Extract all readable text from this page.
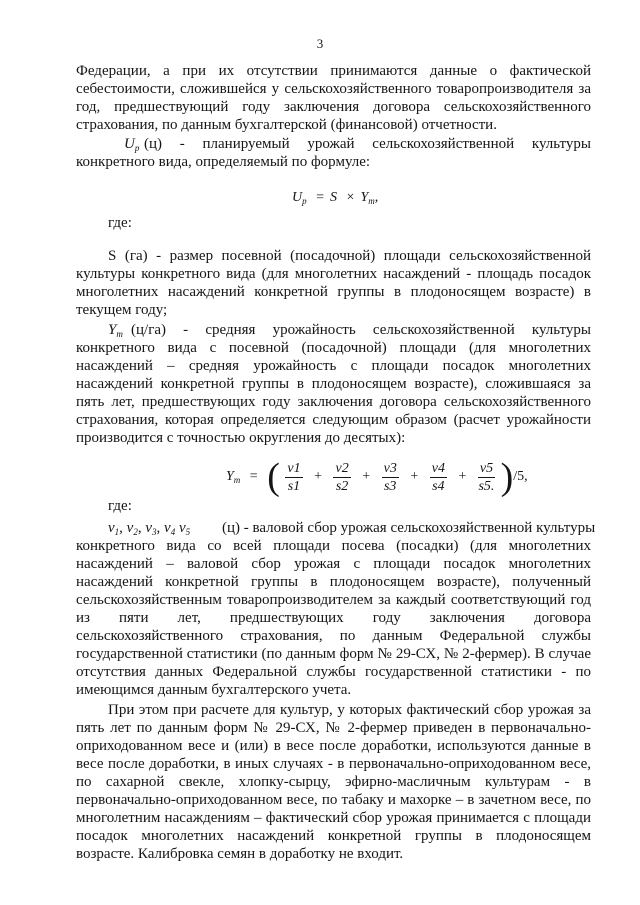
3
Федерации, а при их отсутствии принимаются данные о фактической
себестоимости, сложившейся у сельскохозяйственного товаропроизводителя за
год, предшествующий году заключения договора сельскохозяйственного
страхования, по данным бухгалтерской (финансовой) отчетности.
$U_р$ (ц) - планируемый урожай сельскохозяйственной культуры
конкретного вида, определяемый по формуле:
$U_р = S \times Y_m$,
где:
S (га) - размер посевной (посадочной) площади сельскохозяйственной
культуры конкретного вида (для многолетних насаждений - площадь посадок
многолетних насаждений конкретной группы в плодоносящем возрасте) в
текущем году;
$Y_m$ (ц/га) - средняя урожайность сельскохозяйственной культуры
конкретного вида с посевной (посадочной) площади (для многолетних
насаждений – средняя урожайность с площади посадок многолетних
насаждений конкретной группы в плодоносящем возрасте), сложившаяся за
пять лет, предшествующих году заключения договора сельскохозяйственного
страхования, которая определяется следующим образом (расчет урожайности
производится с точностью округления до десятых):
$Y_m$ = ( $\frac{v1}{s1} + \frac{v2}{s2} + \frac{v3}{s3} + \frac{v4}{s4} + \frac{v5}{s5.} )/5$,
где:
$v_1$, $v_2$, $v_3$, $v_4$ $v_5$	(ц) - валовой сбор урожая сельскохозяйственной культуры
конкретного вида со всей площади посева (посадки) (для многолетних
насаждений – валовой сбор урожая с площади посадок многолетних
насаждений конкретной группы в плодоносящем возрасте), полученный
сельскохозяйственным товаропроизводителем за каждый соответствующий год
из пяти лет, предшествующих году заключения договора
сельскохозяйственного страхования, по данным Федеральной службы
государственной статистики (по данным форм № 29-СХ, № 2-фермер). В случае
отсутствия данных Федеральной службы государственной статистики - по
имеющимся данным бухгалтерского учета.
При этом при расчете для культур, у которых фактический сбор урожая за
пять лет по данным форм № 29-СХ, № 2-фермер приведен в первоначально-
оприходованном весе и (или) в весе после доработки, используются данные в
весе после доработки, в иных случаях - в первоначально-оприходованном весе,
по сахарной свекле, хлопку-сырцу, эфирно-масличным культурам - в
первоначально-оприходованном весе, по табаку и махорке – в зачетном весе, по
многолетним насаждениям – фактический сбор урожая принимается с площади
посадок многолетних насаждений конкретной группы в плодоносящем
возрасте. Калибровка семян в доработку не входит.
